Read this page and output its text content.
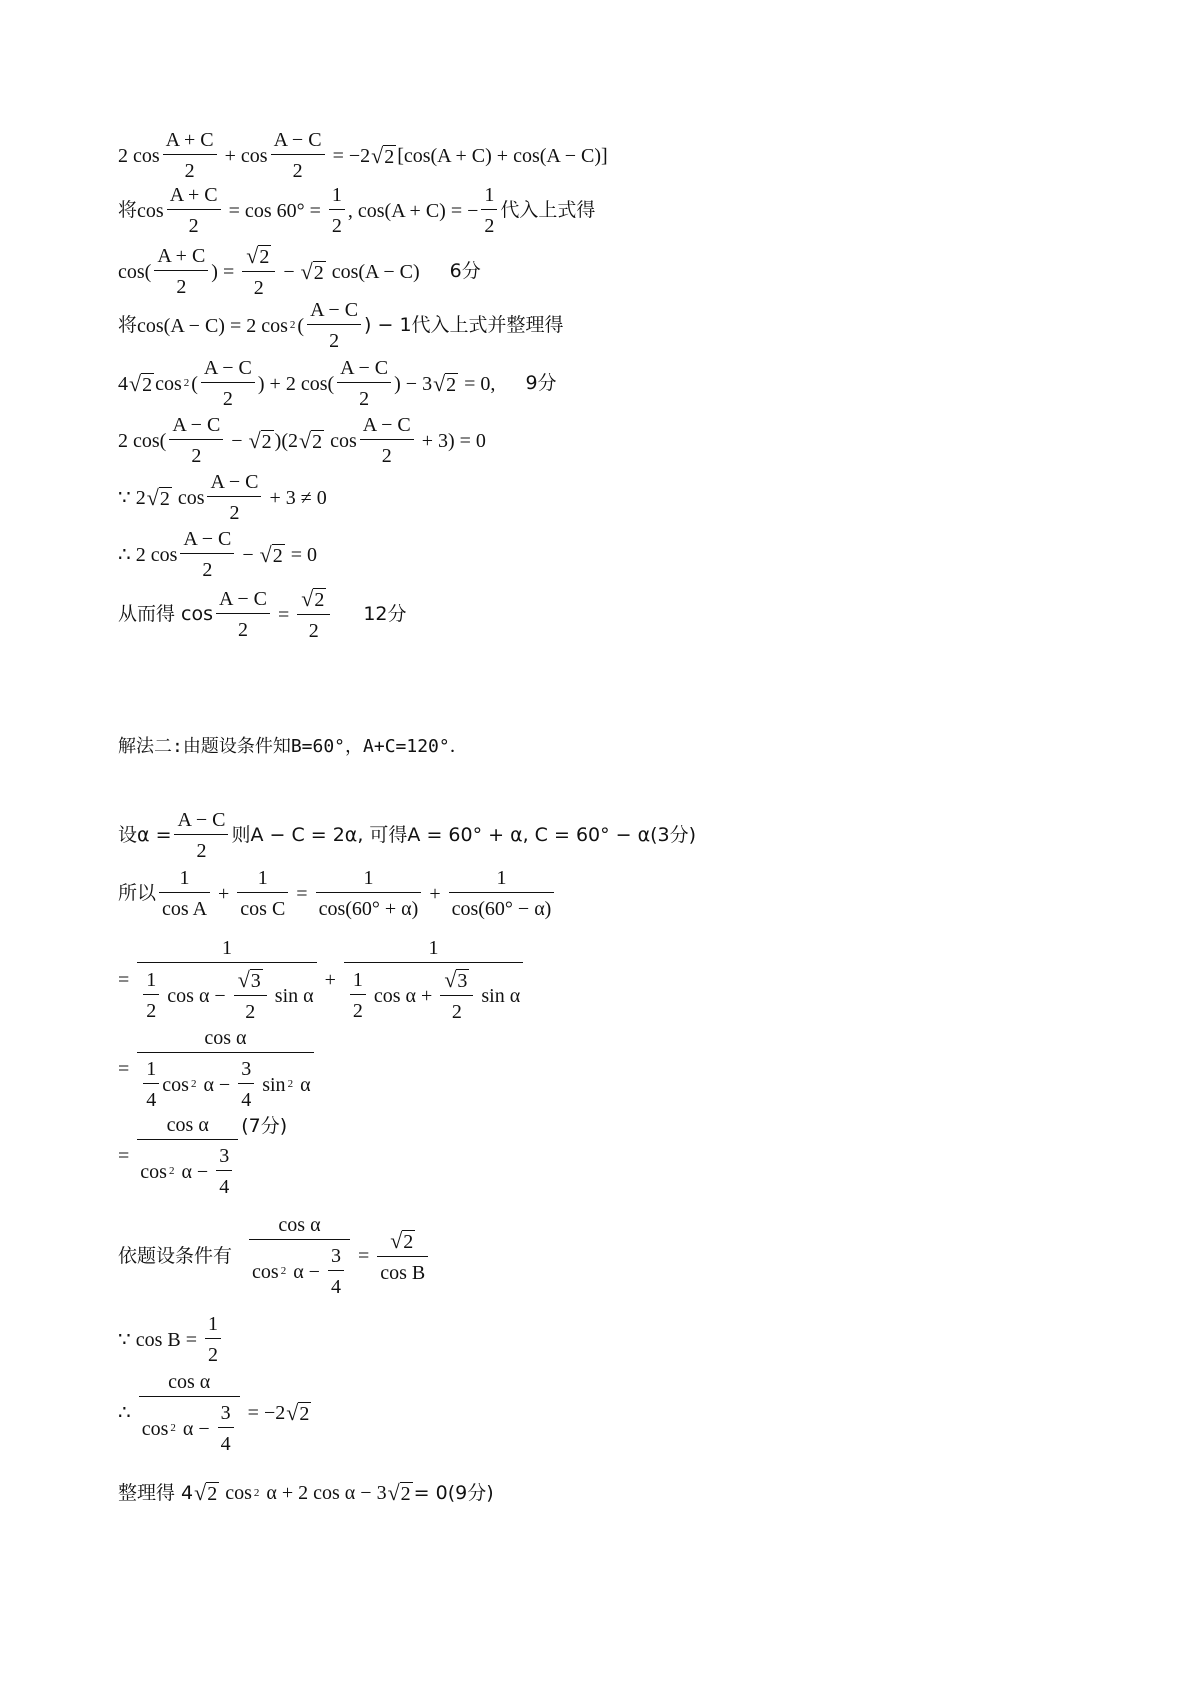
2
$\cos \frac{A + C}{2} + \cos \frac{A - C}{2} = -2$ √ 2 [cos(A + C) + cos(A − C)]
将 $\cos \frac{A + C}{2} = \cos 60^\circ = \frac{1}{2}$ , cos(A + C) = − $\frac{1}{2}$ 代入上式得
$\cos( \frac{A + C}{2}$ ) = $\frac{√ 2}{2}$ − √ 2 cos(A − C) 6分
将 cos(A − C) = 2 cos 2 ( $\frac{A - C}{2}$ ) − 1代入上式并整理得
4 √ 2 cos 2 ( $\frac{A - C}{2}$ ) + 2 $\cos( \frac{A - C}{2}$ ) − 3 √ 2 = 0, 9分
2 $\cos( \frac{A - C}{2}$ − √ 2 )(2 √ 2 $\cos \frac{A - C}{2} + 3) = 0$
∵ 2 √ 2 $\cos \frac{A - C}{2} + 3 \ne 0$
∴ 2 $\cos \frac{A - C}{2}$ − √ 2 = 0
从而得 $\cos \frac{A - C}{2} = \frac{√ 2}{2} 12$分
解法二:由题设条件知B=60°，A+C=120°．
设$\alpha = \frac{A - C}{2}$ 则A − C = 2α, 可得A = 60° + α, C = 60° − α(3分)
所以 $\frac{1}{\text{cos A}} + \frac{1}{\text{cos C}} = \frac{1}{\cos(60^\circ + \alpha)} + \frac{1}{\cos(60^\circ - \alpha)}$
= $\frac{1}{\frac{1}{2} \cos \alpha - \frac{√ 3}{2} \sin \alpha} + \frac{1}{\frac{1}{2} \cos \alpha + \frac{√ 3}{2} \sin \alpha}$
= $\frac{\text{cos α}}{\frac{1}{4} \cos 2 \alpha - \frac{3}{4} \sin 2 \alpha}$
= $\frac{\text{cos α}}{\cos 2 \alpha - \frac{3}{4}} (7$分)
依题设条件有 $\frac{\text{cos α}}{\cos 2 \alpha - \frac{3}{4}} = \frac{√ 2}{\text{cos B}}$
∵ $\cos B = \frac{1}{2}$
∴ $\frac{\text{cos α}}{\cos 2 \alpha - \frac{3}{4}} = -2$ √ 2
整理得 4 √ 2 cos 2 α + 2 cos α − 3 √ 2 = 0(9分)
